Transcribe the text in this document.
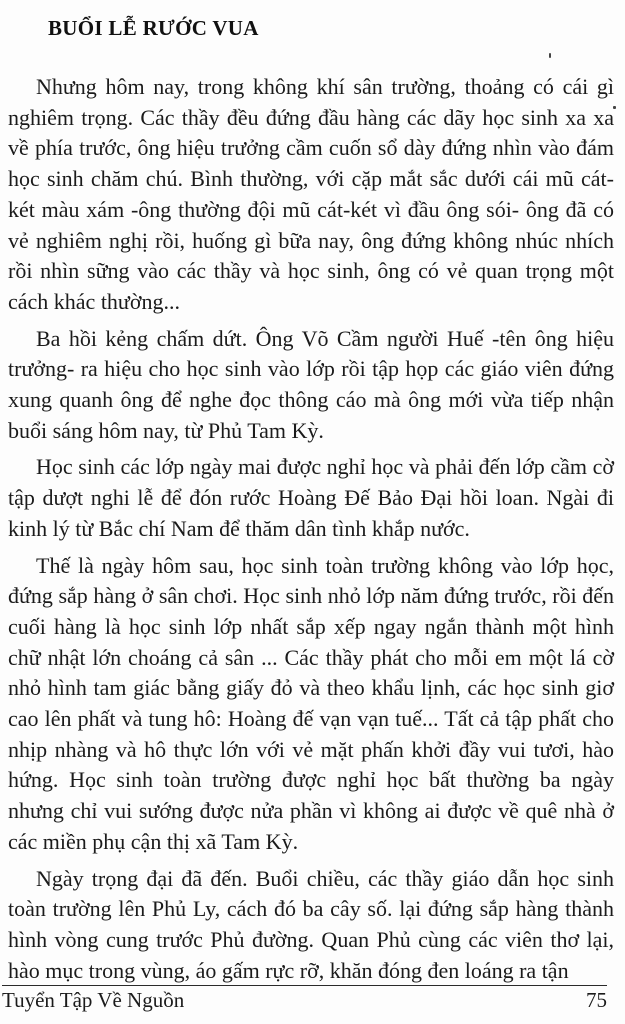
BUỔI LỄ RƯỚC VUA

Nhưng hôm nay, trong không khí sân trường, thoảng có cái gì nghiêm trọng. Các thầy đều đứng đầu hàng các dãy học sinh xa xa về phía trước, ông hiệu trưởng cầm cuốn sổ dày đứng nhìn vào đám học sinh chăm chú. Bình thường, với cặp mắt sắc dưới cái mũ cát-két màu xám -ông thường đội mũ cát-két vì đầu ông sói- ông đã có vẻ nghiêm nghị rồi, huống gì bữa nay, ông đứng không nhúc nhích rồi nhìn sững vào các thầy và học sinh, ông có vẻ quan trọng một cách khác thường...

Ba hồi kẻng chấm dứt. Ông Võ Cầm người Huế -tên ông hiệu trưởng- ra hiệu cho học sinh vào lớp rồi tập họp các giáo viên đứng xung quanh ông để nghe đọc thông cáo mà ông mới vừa tiếp nhận buổi sáng hôm nay, từ Phủ Tam Kỳ.

Học sinh các lớp ngày mai được nghỉ học và phải đến lớp cầm cờ tập dượt nghi lễ để đón rước Hoàng Đế Bảo Đại hồi loan. Ngài đi kinh lý từ Bắc chí Nam để thăm dân tình khắp nước.

Thế là ngày hôm sau, học sinh toàn trường không vào lớp học, đứng sắp hàng ở sân chơi. Học sinh nhỏ lớp năm đứng trước, rồi đến cuối hàng là học sinh lớp nhất sắp xếp ngay ngắn thành một hình chữ nhật lớn choáng cả sân ... Các thầy phát cho mỗi em một lá cờ nhỏ hình tam giác bằng giấy đỏ và theo khẩu lịnh, các học sinh giơ cao lên phất và tung hô: Hoàng đế vạn vạn tuế... Tất cả tập phất cho nhịp nhàng và hô thực lớn với vẻ mặt phấn khởi đầy vui tươi, hào hứng. Học sinh toàn trường được nghỉ học bất thường ba ngày nhưng chỉ vui sướng được nửa phần vì không ai được về quê nhà ở các miền phụ cận thị xã Tam Kỳ.

Ngày trọng đại đã đến. Buổi chiều, các thầy giáo dẫn học sinh toàn trường lên Phủ Ly, cách đó ba cây số. lại đứng sắp hàng thành hình vòng cung trước Phủ đường. Quan Phủ cùng các viên thơ lại, hào mục trong vùng, áo gấm rực rỡ, khăn đóng đen loáng ra tận

Tuyển Tập Về Nguồn	75
